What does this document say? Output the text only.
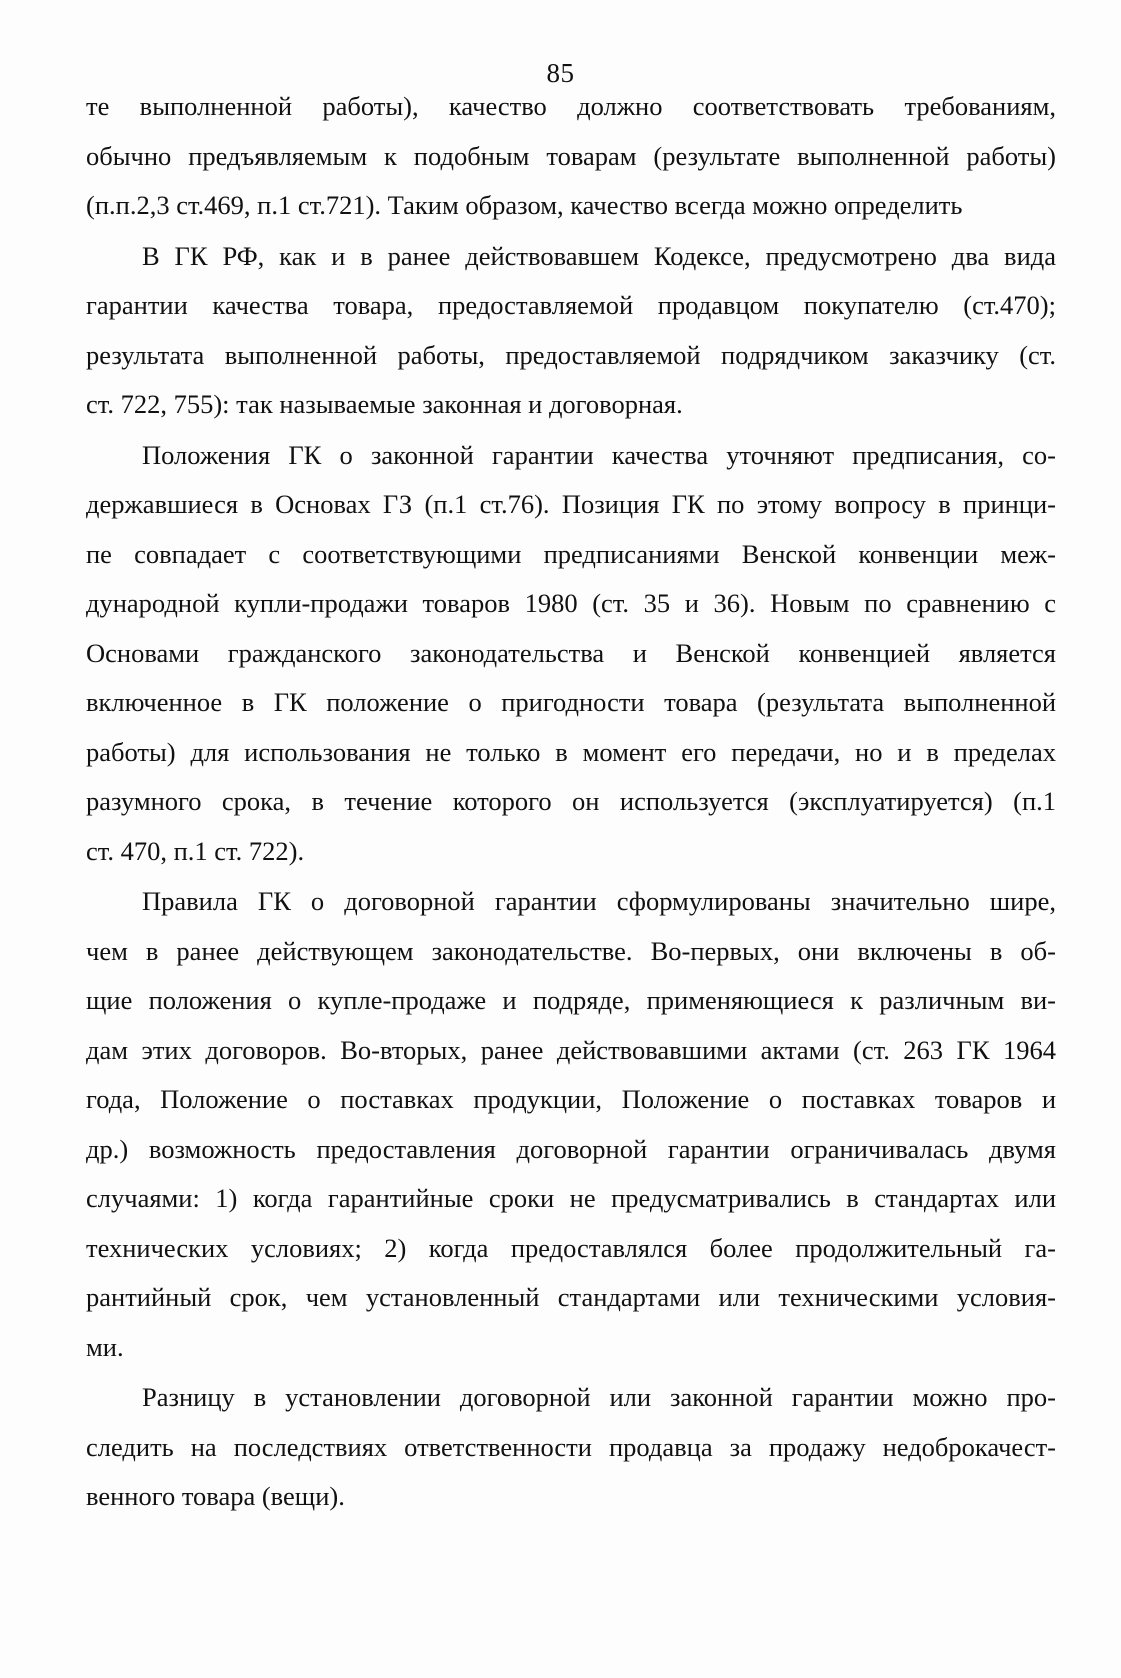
85
те выполненной работы), качество должно соответствовать требованиям,
обычно предъявляемым к подобным товарам (результате выполненной работы)
(п.п.2,3 ст.469, п.1 ст.721). Таким образом, качество всегда можно определить
В ГК РФ, как и в ранее действовавшем Кодексе, предусмотрено два вида
гарантии качества товара, предоставляемой продавцом покупателю (ст.470);
результата выполненной работы, предоставляемой подрядчиком заказчику (ст.
ст. 722, 755): так называемые законная и договорная.
Положения ГК о законной гарантии качества уточняют предписания, со-
державшиеся в Основах ГЗ (п.1 ст.76). Позиция ГК по этому вопросу в принци-
пе совпадает с соответствующими предписаниями Венской конвенции меж-
дународной купли-продажи товаров 1980 (ст. 35 и 36). Новым по сравнению с
Основами гражданского законодательства и Венской конвенцией является
включенное в ГК положение о пригодности товара (результата выполненной
работы) для использования не только в момент его передачи, но и в пределах
разумного срока, в течение которого он используется (эксплуатируется) (п.1
ст. 470, п.1 ст. 722).
Правила ГК о договорной гарантии сформулированы значительно шире,
чем в ранее действующем законодательстве. Во-первых, они включены в об-
щие положения о купле-продаже и подряде, применяющиеся к различным ви-
дам этих договоров. Во-вторых, ранее действовавшими актами (ст. 263 ГК 1964
года, Положение о поставках продукции, Положение о поставках товаров и
др.) возможность предоставления договорной гарантии ограничивалась двумя
случаями: 1) когда гарантийные сроки не предусматривались в стандартах или
технических условиях; 2) когда предоставлялся более продолжительный га-
рантийный срок, чем установленный стандартами или техническими условия-
ми.
Разницу в установлении договорной или законной гарантии можно про-
следить на последствиях ответственности продавца за продажу недоброкачест-
венного товара (вещи).
